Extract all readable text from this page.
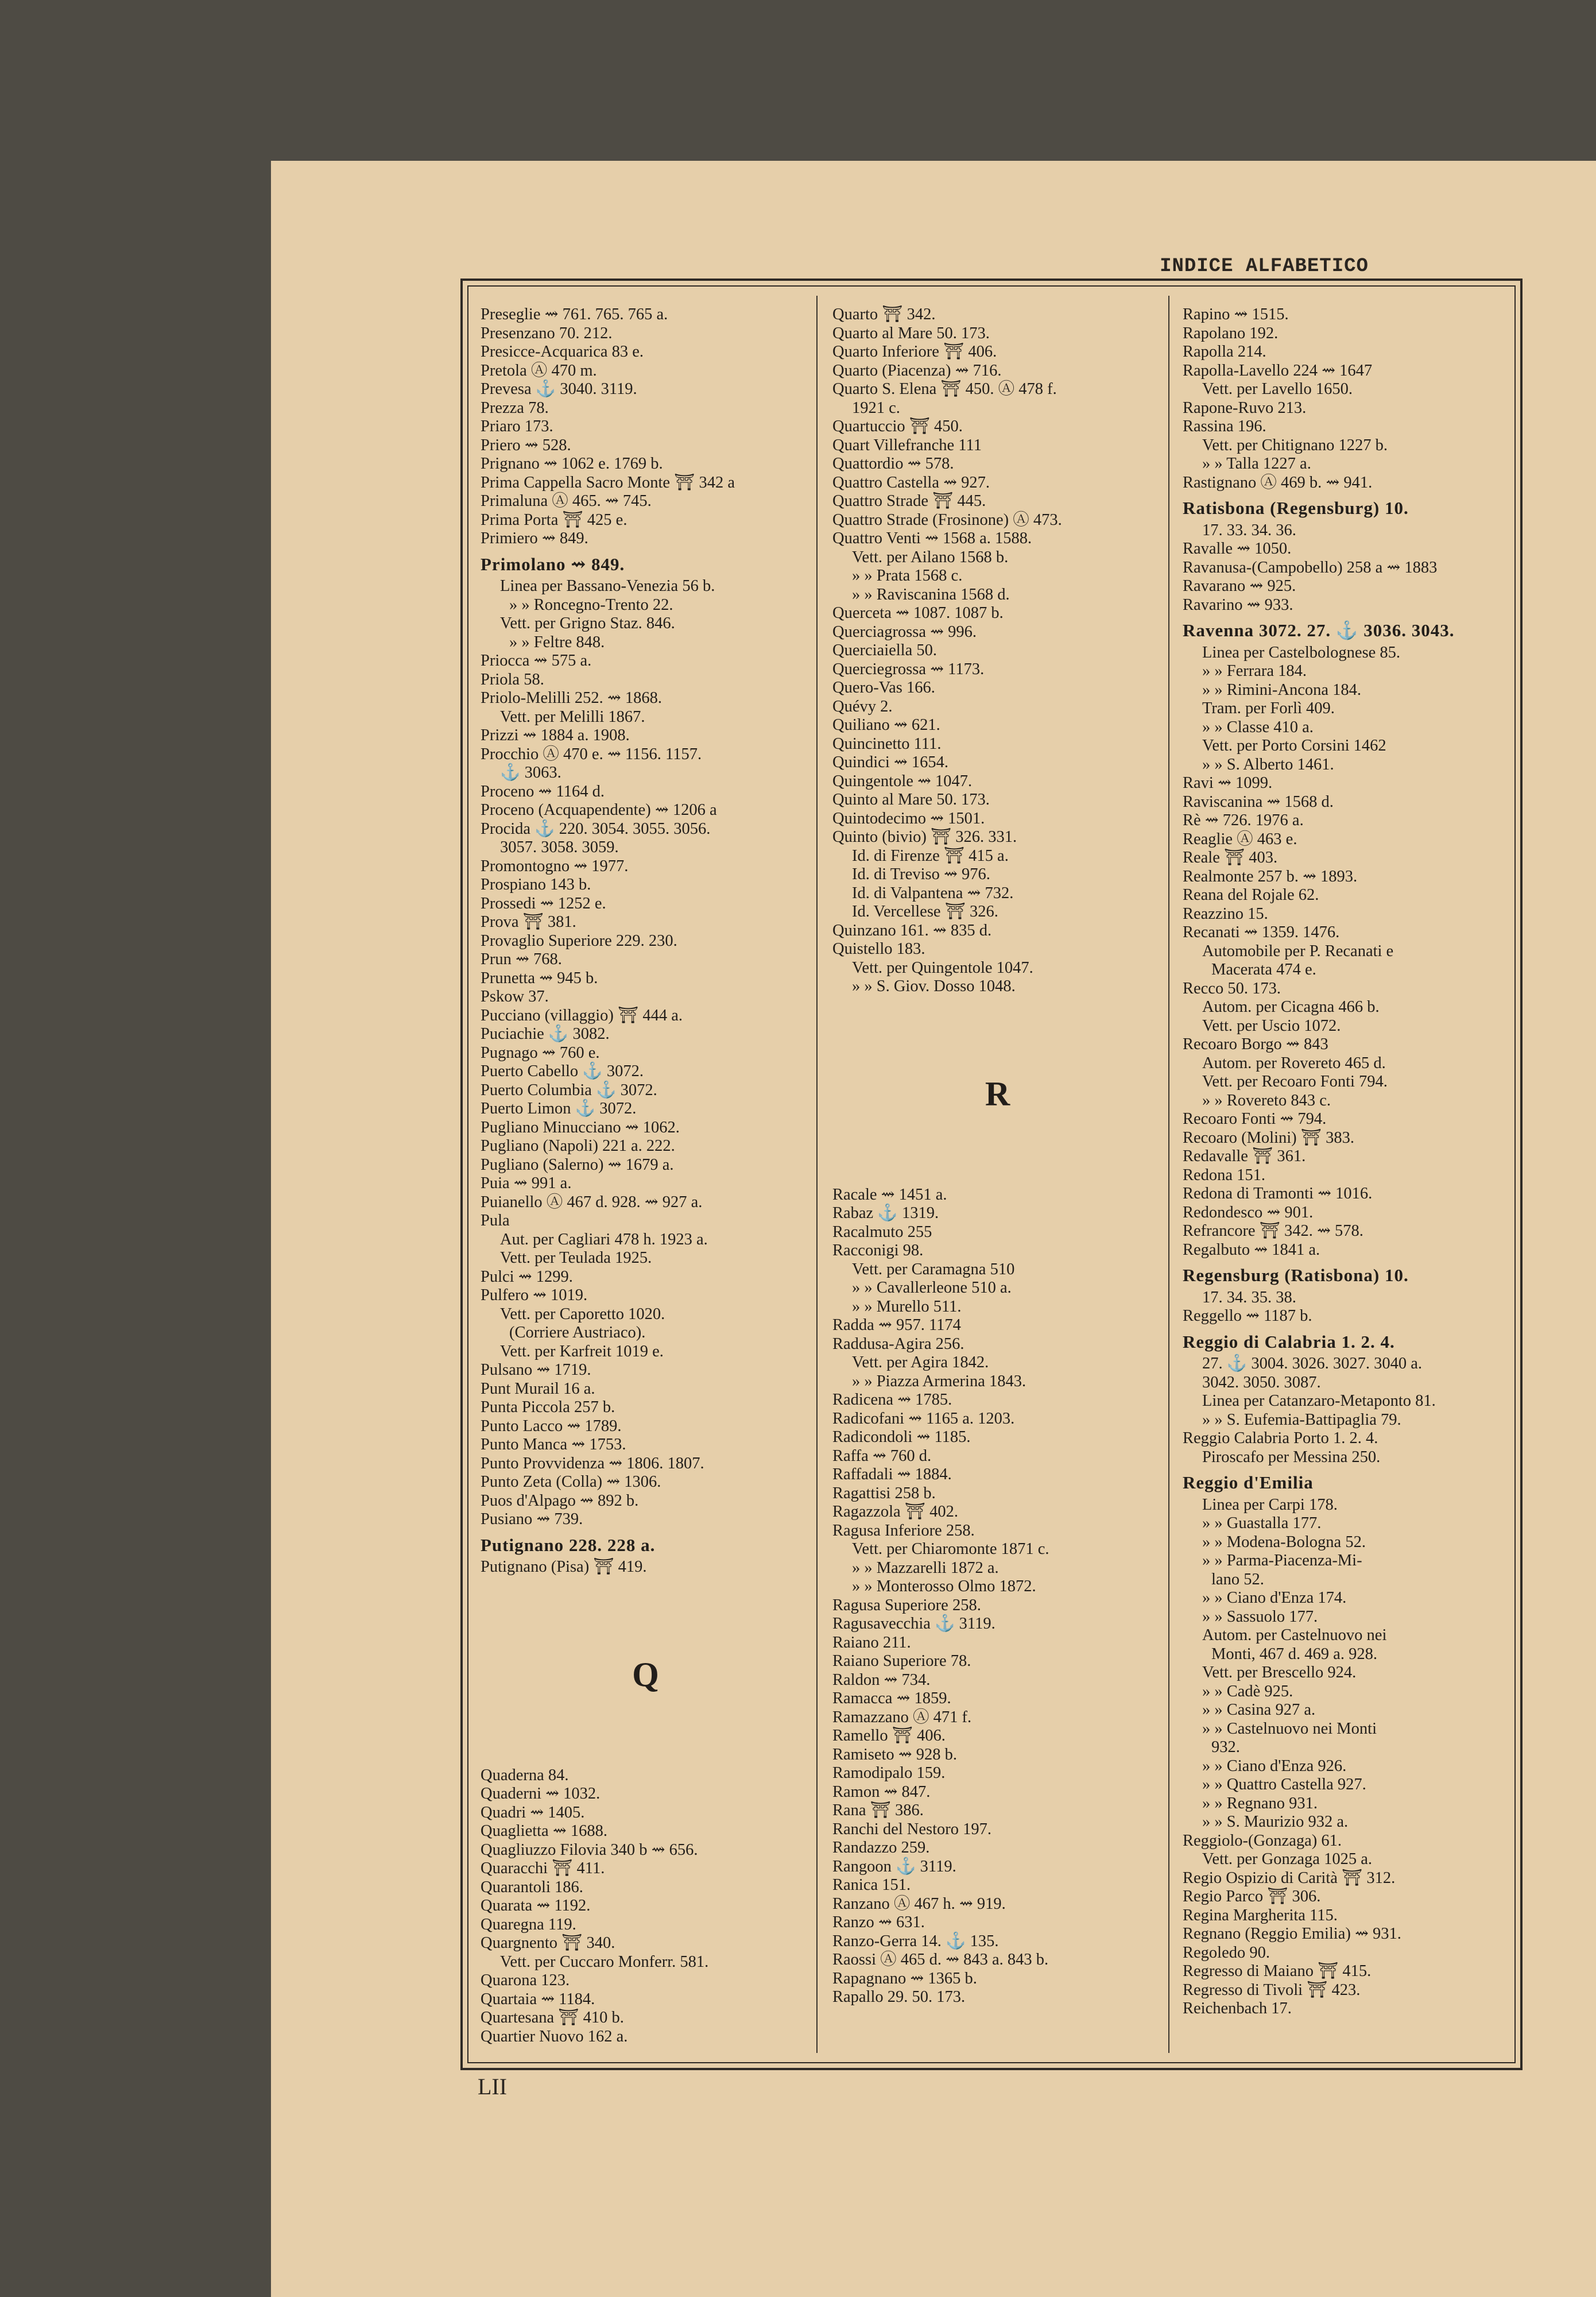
INDICE ALFABETICO
Preseglie ⇝ 761. 765. 765 a.
Presenzano 70. 212.
Presicce-Acquarica 83 e.
Pretola Ⓐ 470 m.
Prevesa ⚓ 3040. 3119.
Prezza 78.
Priaro 173.
Priero ⇝ 528.
Prignano ⇝ 1062 e. 1769 b.
Prima Cappella Sacro Monte ⛩ 342 a
Primaluna Ⓐ 465. ⇝ 745.
Prima Porta ⛩ 425 e.
Primiero ⇝ 849.
Primolano ⇝ 849.
Linea per Bassano-Venezia 56 b.
» » Roncegno-Trento 22.
Vett. per Grigno Staz. 846.
» » Feltre 848.
Priocca ⇝ 575 a.
Priola 58.
Priolo-Melilli 252. ⇝ 1868.
Vett. per Melilli 1867.
Prizzi ⇝ 1884 a. 1908.
Procchio Ⓐ 470 e. ⇝ 1156. 1157.
⚓ 3063.
Proceno ⇝ 1164 d.
Proceno (Acquapendente) ⇝ 1206 a
Procida ⚓ 220. 3054. 3055. 3056.
3057. 3058. 3059.
Promontogno ⇝ 1977.
Prospiano 143 b.
Prossedi ⇝ 1252 e.
Prova ⛩ 381.
Provaglio Superiore 229. 230.
Prun ⇝ 768.
Prunetta ⇝ 945 b.
Pskow 37.
Pucciano (villaggio) ⛩ 444 a.
Puciachie ⚓ 3082.
Pugnago ⇝ 760 e.
Puerto Cabello ⚓ 3072.
Puerto Columbia ⚓ 3072.
Puerto Limon ⚓ 3072.
Pugliano Minucciano ⇝ 1062.
Pugliano (Napoli) 221 a. 222.
Pugliano (Salerno) ⇝ 1679 a.
Puia ⇝ 991 a.
Puianello Ⓐ 467 d. 928. ⇝ 927 a.
Pula
Aut. per Cagliari 478 h. 1923 a.
Vett. per Teulada 1925.
Pulci ⇝ 1299.
Pulfero ⇝ 1019.
Vett. per Caporetto 1020.
(Corriere Austriaco).
Vett. per Karfreit 1019 e.
Pulsano ⇝ 1719.
Punt Murail 16 a.
Punta Piccola 257 b.
Punto Lacco ⇝ 1789.
Punto Manca ⇝ 1753.
Punto Provvidenza ⇝ 1806. 1807.
Punto Zeta (Colla) ⇝ 1306.
Puos d'Alpago ⇝ 892 b.
Pusiano ⇝ 739.
Putignano 228. 228 a.
Putignano (Pisa) ⛩ 419.
Q
Quaderna 84.
Quaderni ⇝ 1032.
Quadri ⇝ 1405.
Quaglietta ⇝ 1688.
Quagliuzzo Filovia 340 b ⇝ 656.
Quaracchi ⛩ 411.
Quarantoli 186.
Quarata ⇝ 1192.
Quaregna 119.
Quargnento ⛩ 340.
Vett. per Cuccaro Monferr. 581.
Quarona 123.
Quartaia ⇝ 1184.
Quartesana ⛩ 410 b.
Quartier Nuovo 162 a.
Quarto ⛩ 342.
Quarto al Mare 50. 173.
Quarto Inferiore ⛩ 406.
Quarto (Piacenza) ⇝ 716.
Quarto S. Elena ⛩ 450. Ⓐ 478 f.
1921 c.
Quartuccio ⛩ 450.
Quart Villefranche 111
Quattordio ⇝ 578.
Quattro Castella ⇝ 927.
Quattro Strade ⛩ 445.
Quattro Strade (Frosinone) Ⓐ 473.
Quattro Venti ⇝ 1568 a. 1588.
Vett. per Ailano 1568 b.
» » Prata 1568 c.
» » Raviscanina 1568 d.
Querceta ⇝ 1087. 1087 b.
Querciagrossa ⇝ 996.
Querciaiella 50.
Querciegrossa ⇝ 1173.
Quero-Vas 166.
Quévy 2.
Quiliano ⇝ 621.
Quincinetto 111.
Quindici ⇝ 1654.
Quingentole ⇝ 1047.
Quinto al Mare 50. 173.
Quintodecimo ⇝ 1501.
Quinto (bivio) ⛩ 326. 331.
Id. di Firenze ⛩ 415 a.
Id. di Treviso ⇝ 976.
Id. di Valpantena ⇝ 732.
Id. Vercellese ⛩ 326.
Quinzano 161. ⇝ 835 d.
Quistello 183.
Vett. per Quingentole 1047.
» » S. Giov. Dosso 1048.
R
Racale ⇝ 1451 a.
Rabaz ⚓ 1319.
Racalmuto 255
Racconigi 98.
Vett. per Caramagna 510
» » Cavallerleone 510 a.
» » Murello 511.
Radda ⇝ 957. 1174
Raddusa-Agira 256.
Vett. per Agira 1842.
» » Piazza Armerina 1843.
Radicena ⇝ 1785.
Radicofani ⇝ 1165 a. 1203.
Radicondoli ⇝ 1185.
Raffa ⇝ 760 d.
Raffadali ⇝ 1884.
Ragattisi 258 b.
Ragazzola ⛩ 402.
Ragusa Inferiore 258.
Vett. per Chiaromonte 1871 c.
» » Mazzarelli 1872 a.
» » Monterosso Olmo 1872.
Ragusa Superiore 258.
Ragusavecchia ⚓ 3119.
Raiano 211.
Raiano Superiore 78.
Raldon ⇝ 734.
Ramacca ⇝ 1859.
Ramazzano Ⓐ 471 f.
Ramello ⛩ 406.
Ramiseto ⇝ 928 b.
Ramodipalo 159.
Ramon ⇝ 847.
Rana ⛩ 386.
Ranchi del Nestoro 197.
Randazzo 259.
Rangoon ⚓ 3119.
Ranica 151.
Ranzano Ⓐ 467 h. ⇝ 919.
Ranzo ⇝ 631.
Ranzo-Gerra 14. ⚓ 135.
Raossi Ⓐ 465 d. ⇝ 843 a. 843 b.
Rapagnano ⇝ 1365 b.
Rapallo 29. 50. 173.
Rapino ⇝ 1515.
Rapolano 192.
Rapolla 214.
Rapolla-Lavello 224 ⇝ 1647
Vett. per Lavello 1650.
Rapone-Ruvo 213.
Rassina 196.
Vett. per Chitignano 1227 b.
» » Talla 1227 a.
Rastignano Ⓐ 469 b. ⇝ 941.
Ratisbona (Regensburg) 10.
17. 33. 34. 36.
Ravalle ⇝ 1050.
Ravanusa-(Campobello) 258 a ⇝ 1883
Ravarano ⇝ 925.
Ravarino ⇝ 933.
Ravenna 3072. 27. ⚓ 3036. 3043.
Linea per Castelbolognese 85.
» » Ferrara 184.
» » Rimini-Ancona 184.
Tram. per Forlì 409.
» » Classe 410 a.
Vett. per Porto Corsini 1462
» » S. Alberto 1461.
Ravi ⇝ 1099.
Raviscanina ⇝ 1568 d.
Rè ⇝ 726. 1976 a.
Reaglie Ⓐ 463 e.
Reale ⛩ 403.
Realmonte 257 b. ⇝ 1893.
Reana del Rojale 62.
Reazzino 15.
Recanati ⇝ 1359. 1476.
Automobile per P. Recanati e
Macerata 474 e.
Recco 50. 173.
Autom. per Cicagna 466 b.
Vett. per Uscio 1072.
Recoaro Borgo ⇝ 843
Autom. per Rovereto 465 d.
Vett. per Recoaro Fonti 794.
» » Rovereto 843 c.
Recoaro Fonti ⇝ 794.
Recoaro (Molini) ⛩ 383.
Redavalle ⛩ 361.
Redona 151.
Redona di Tramonti ⇝ 1016.
Redondesco ⇝ 901.
Refrancore ⛩ 342. ⇝ 578.
Regalbuto ⇝ 1841 a.
Regensburg (Ratisbona) 10.
17. 34. 35. 38.
Reggello ⇝ 1187 b.
Reggio di Calabria 1. 2. 4.
27. ⚓ 3004. 3026. 3027. 3040 a.
3042. 3050. 3087.
Linea per Catanzaro-Metaponto 81.
» » S. Eufemia-Battipaglia 79.
Reggio Calabria Porto 1. 2. 4.
Piroscafo per Messina 250.
Reggio d'Emilia
Linea per Carpi 178.
» » Guastalla 177.
» » Modena-Bologna 52.
» » Parma-Piacenza-Mi-
lano 52.
» » Ciano d'Enza 174.
» » Sassuolo 177.
Autom. per Castelnuovo nei
Monti, 467 d. 469 a. 928.
Vett. per Brescello 924.
» » Cadè 925.
» » Casina 927 a.
» » Castelnuovo nei Monti
932.
» » Ciano d'Enza 926.
» » Quattro Castella 927.
» » Regnano 931.
» » S. Maurizio 932 a.
Reggiolo-(Gonzaga) 61.
Vett. per Gonzaga 1025 a.
Regio Ospizio di Carità ⛩ 312.
Regio Parco ⛩ 306.
Regina Margherita 115.
Regnano (Reggio Emilia) ⇝ 931.
Regoledo 90.
Regresso di Maiano ⛩ 415.
Regresso di Tivoli ⛩ 423.
Reichenbach 17.
LII
